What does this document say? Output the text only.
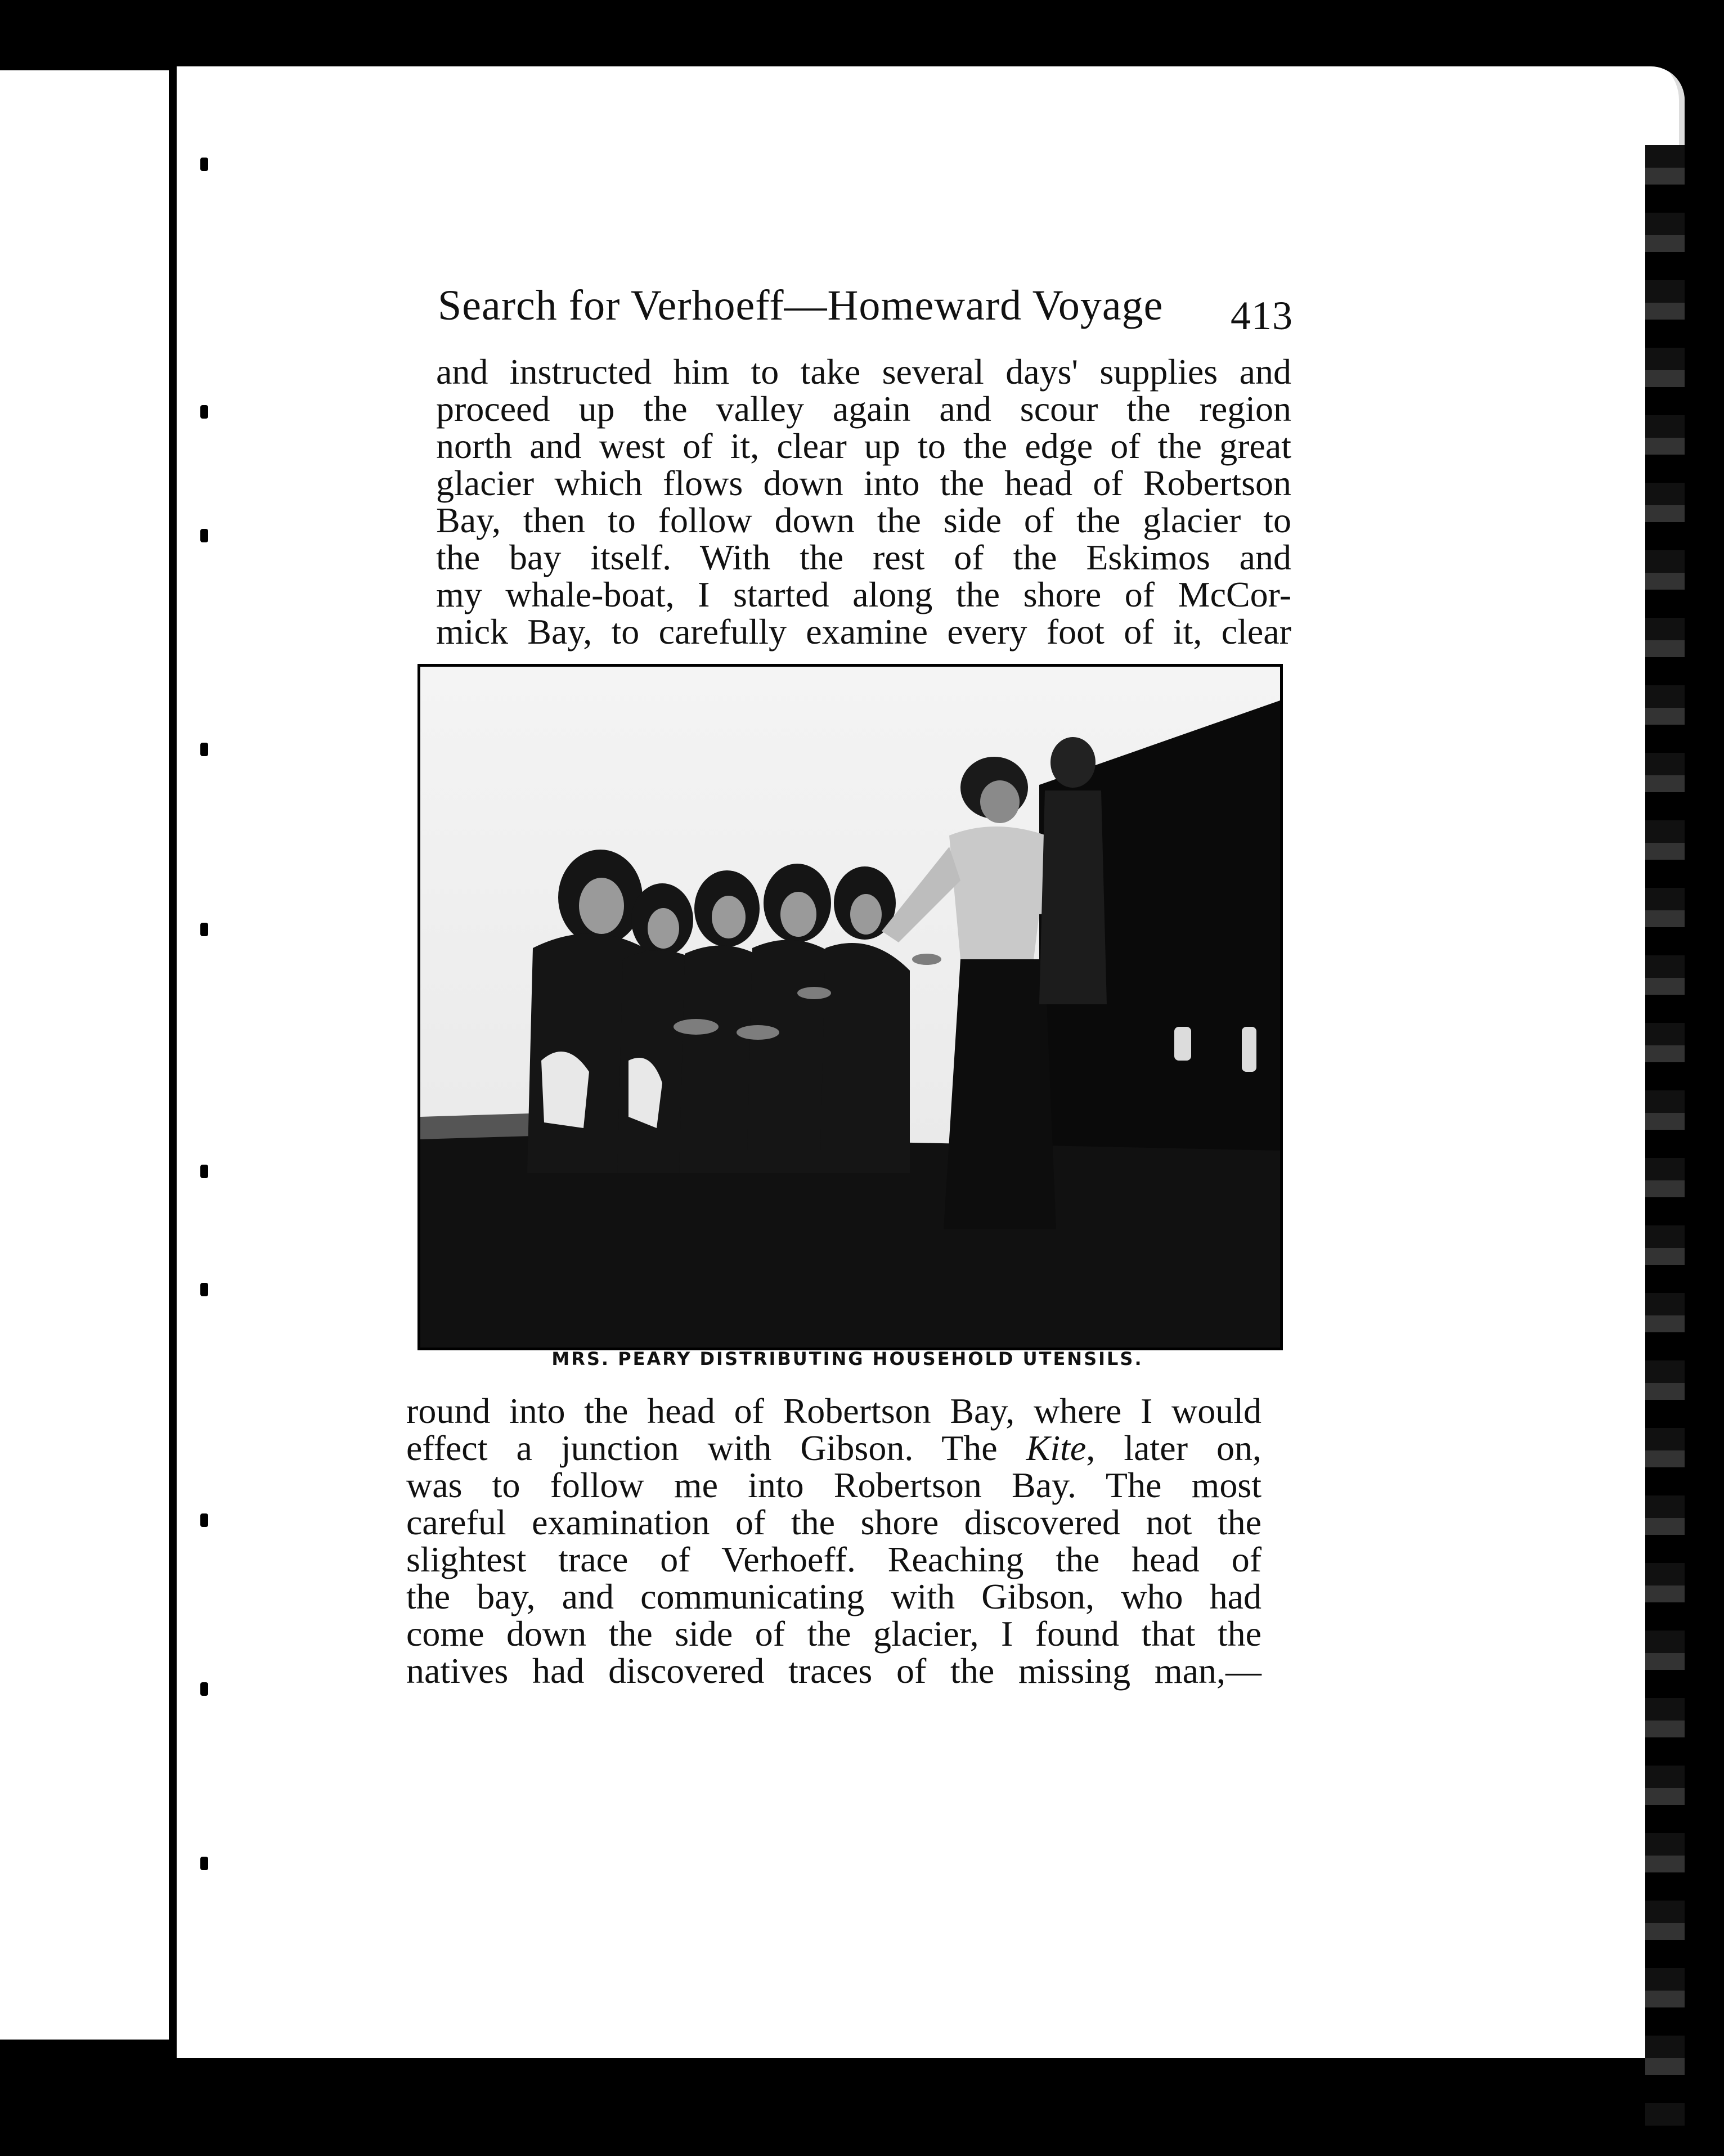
Search for Verhoeff—Homeward Voyage 413
and instructed him to take several days' supplies and
proceed up the valley again and scour the region
north and west of it, clear up to the edge of the great
glacier which flows down into the head of Robertson
Bay, then to follow down the side of the glacier to
the bay itself. With the rest of the Eskimos and
my whale-boat, I started along the shore of McCor-
mick Bay, to carefully examine every foot of it, clear
MRS. PEARY DISTRIBUTING HOUSEHOLD UTENSILS.
round into the head of Robertson Bay, where I would
effect a junction with Gibson. The Kite, later on,
was to follow me into Robertson Bay. The most
careful examination of the shore discovered not the
slightest trace of Verhoeff. Reaching the head of
the bay, and communicating with Gibson, who had
come down the side of the glacier, I found that the
natives had discovered traces of the missing man,—
